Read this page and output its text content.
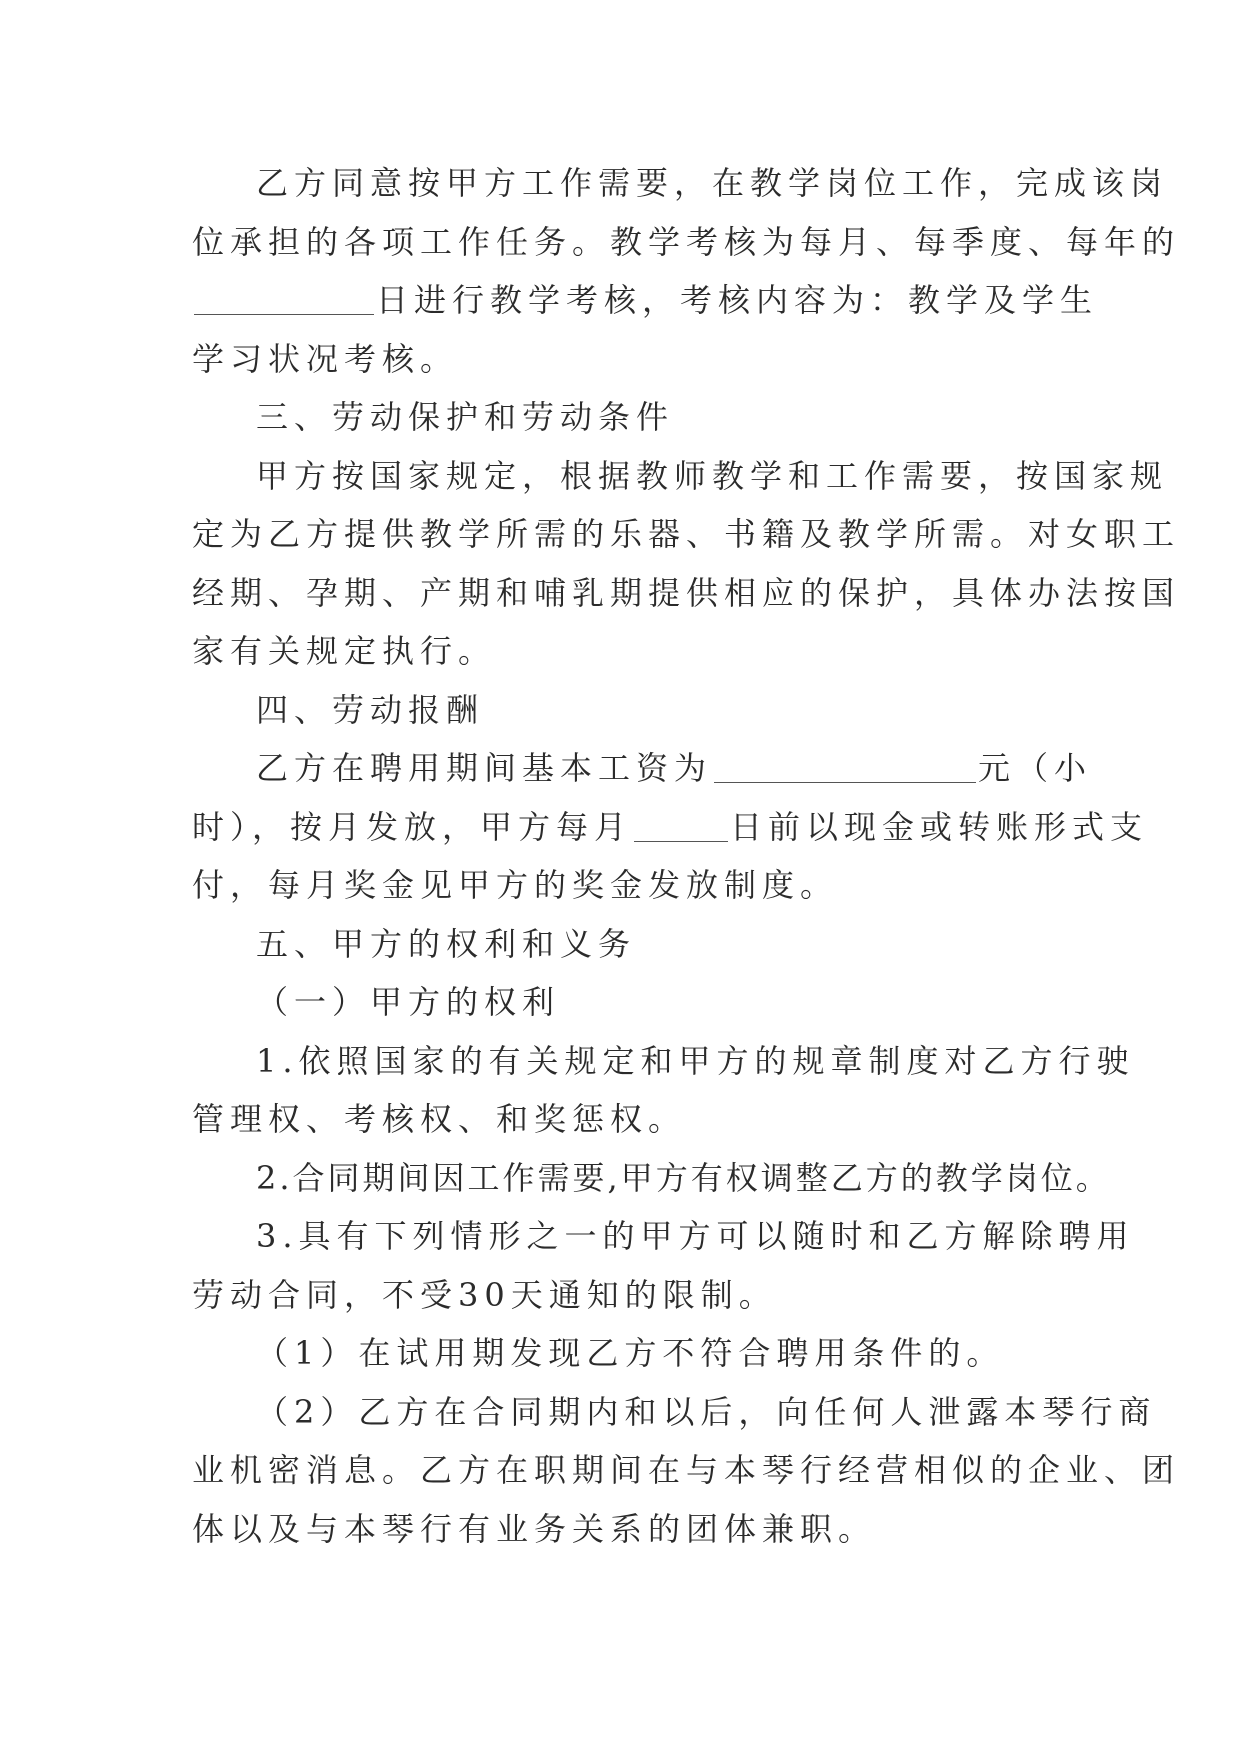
乙方同意按甲方工作需要，在教学岗位工作，完成该岗
位承担的各项工作任务。教学考核为每月、每季度、每年的
日进行教学考核，考核内容为：教学及学生
学习状况考核。
三、劳动保护和劳动条件
甲方按国家规定，根据教师教学和工作需要，按国家规
定为乙方提供教学所需的乐器、书籍及教学所需。对女职工
经期、孕期、产期和哺乳期提供相应的保护，具体办法按国
家有关规定执行。
四、劳动报酬
乙方在聘用期间基本工资为	元（小
时），按月发放，甲方每月	日前以现金或转账形式支
付，每月奖金见甲方的奖金发放制度。
五、甲方的权利和义务
（一）甲方的权利
1.依照国家的有关规定和甲方的规章制度对乙方行驶
管理权、考核权、和奖惩权。
2.合同期间因工作需要,甲方有权调整乙方的教学岗位。
3.具有下列情形之一的甲方可以随时和乙方解除聘用
劳动合同，不受30天通知的限制。
（1）在试用期发现乙方不符合聘用条件的。
（2）乙方在合同期内和以后，向任何人泄露本琴行商
业机密消息。乙方在职期间在与本琴行经营相似的企业、团
体以及与本琴行有业务关系的团体兼职。
